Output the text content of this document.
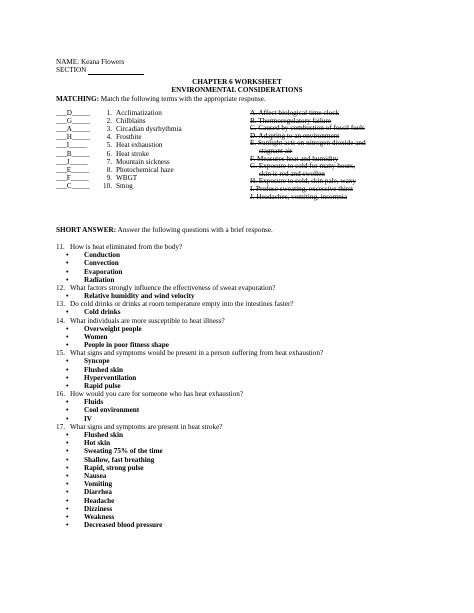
NAME: Keana Flowers
SECTION
CHAPTER 6 WORKSHEET
ENVIRONMENTAL CONSIDERATIONS
MATCHING: Match the following terms with the appropriate response.
___D_____ 1. Acclimatization
___G_____ 2. Chilblains
___A_____ 3. Circadian dysrhythmia
___H_____ 4. Frostbite
___I_____	5. Heat exhaustion
___B_____ 6. Heat stroke
___J_____	7. Mountain sickness
___E_____ 8. Photochemical haze
___F_____ 9. WBGT
___C_____ 10. Smog
A. Affect biological time clock
B. Thermoregulatory failure
C. Caused by combustion of fossil fuels
D. Adapting to an environment
E. Sunlight acts on nitrogen dioxide and
stagnant air
F. Measures heat and humidity
G. Exposure to cold for many hours,
skin is red and swollen
H. Exposure to cold, skin pale, waxy
I. Profuse sweating, excessive thirst
J. Headaches, vomiting, insomnia
SHORT ANSWER: Answer the following questions with a brief response.
11. How is heat eliminated from the body?
• Conduction
• Convection
• Evaporation
• Radiation
12. What factors strongly influence the effectiveness of sweat evaporation?
• Relative humidity and wind velocity
13. Do cold drinks or drinks at room temperature empty into the intestines faster?
• Cold drinks
14. What individuals are more susceptible to heat illness?
• Overweight people
• Women
• People in poor fitness shape
15. What signs and symptoms would be present in a person suffering from heat exhaustion?
• Syncope
• Flushed skin
• Hyperventilation
• Rapid pulse
16. How would you care for someone who has heat exhaustion?
• Fluids
• Cool environment
• IV
17. What signs and symptoms are present in heat stroke?
• Flushed skin
• Hot skin
• Sweating 75% of the time
• Shallow, fast breathing
• Rapid, strong pulse
• Nausea
• Vomiting
• Diarrhea
• Headache
• Dizziness
• Weakness
• Decreased blood pressure
